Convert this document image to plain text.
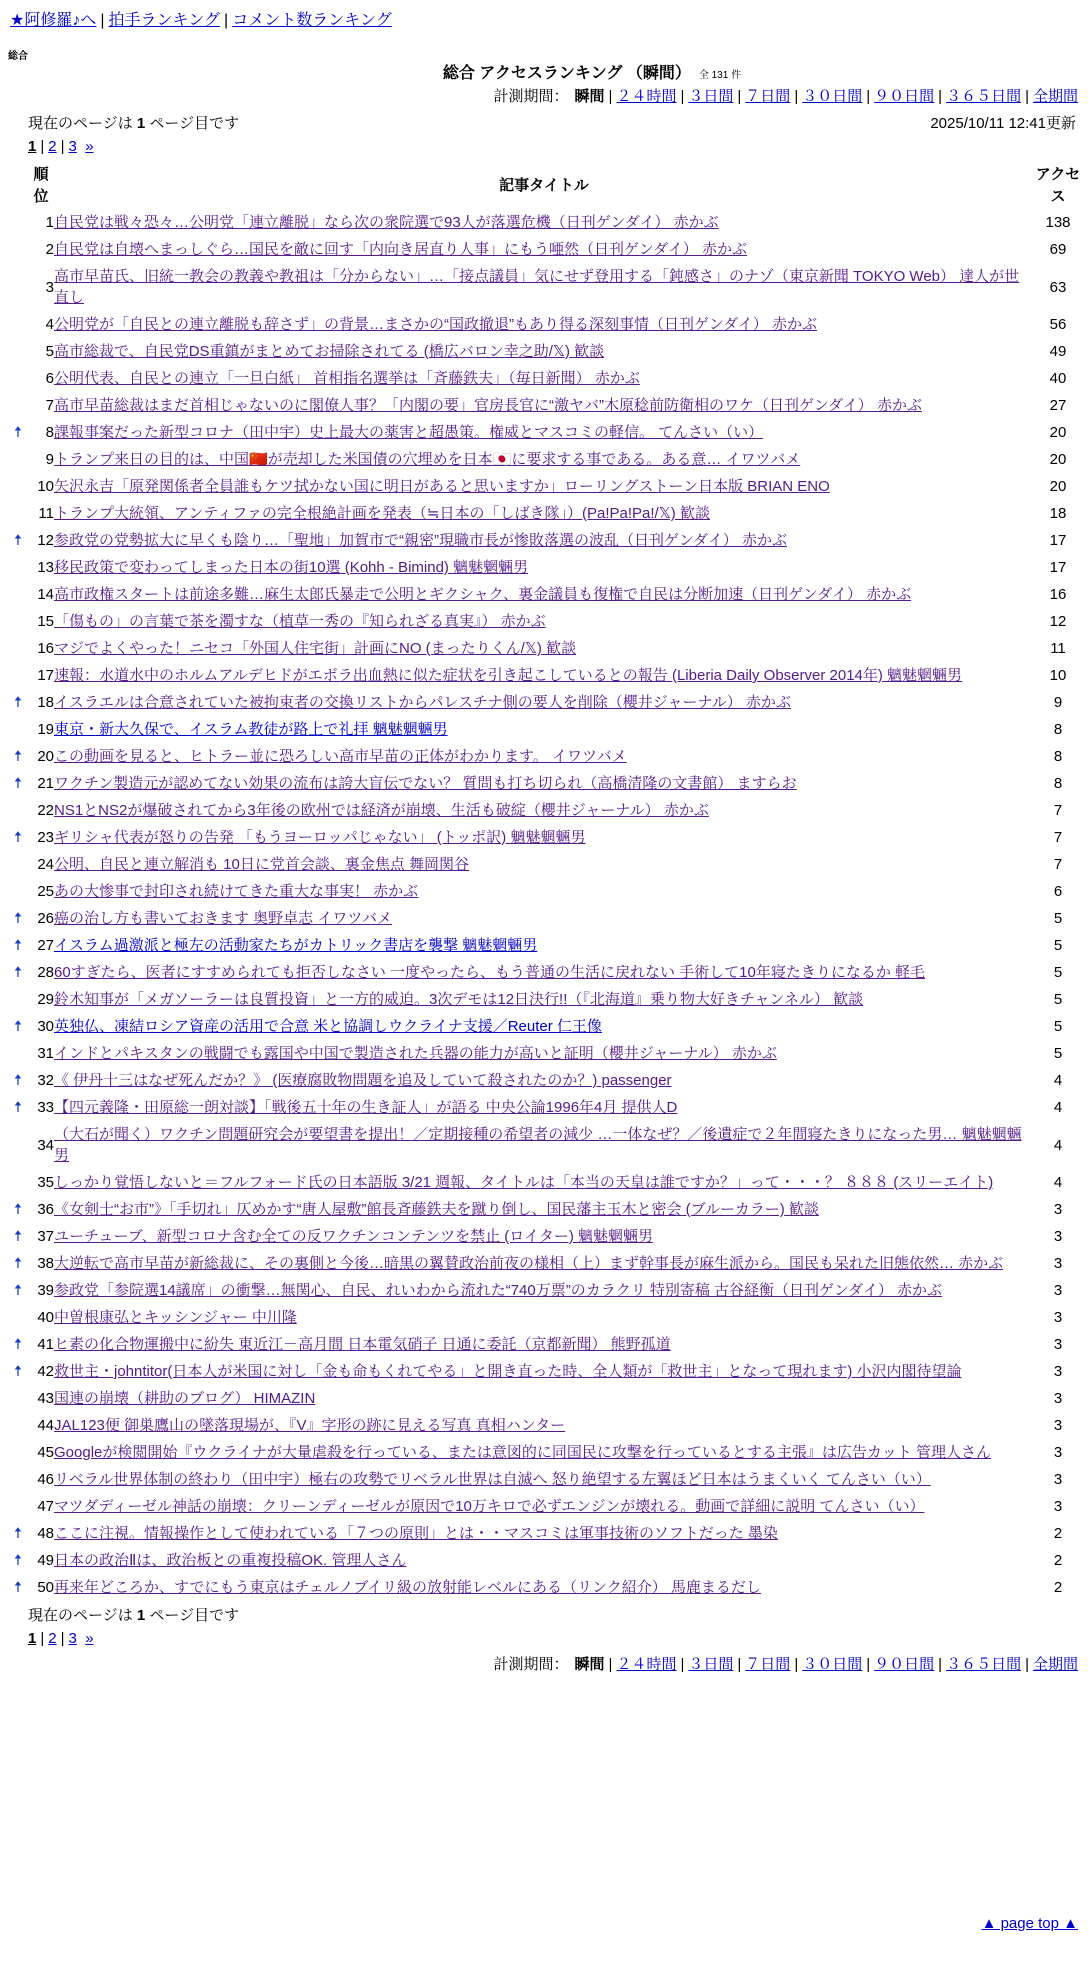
★阿修羅♪へ | 拍手ランキング | コメント数ランキング
総合
総合 アクセスランキング （瞬間） 全 131 件
計測期間： 瞬間 | ２４時間 | ３日間 | ７日間 | ３０日間 | ９０日間 | ３６５日間 | 全期間
現在のページは 1 ページ目です	2025/10/11 12:41更新
1 | 2 | 3 »
	順位	記事タイトル	アクセス
	1	自民党は戦々恐々…公明党「連立離脱」なら次の衆院選で93人が落選危機（日刊ゲンダイ） 赤かぶ	138
	2	自民党は自壊へまっしぐら…国民を敵に回す「内向き居直り人事」にもう唖然（日刊ゲンダイ） 赤かぶ	69
	3	高市早苗氏、旧統一教会の教義や教祖は「分からない」…「接点議員」気にせず登用する「鈍感さ」のナゾ（東京新聞 TOKYO Web） 達人が世直し	63
	4	公明党が「自民との連立離脱も辞さず」の背景…まさかの“国政撤退”もあり得る深刻事情（日刊ゲンダイ） 赤かぶ	56
	5	高市総裁で、自民党DS重鎮がまとめてお掃除されてる (橋広バロン幸之助/𝕏) 歓談	49
	6	公明代表、自民との連立「一旦白紙」 首相指名選挙は「斉藤鉄夫」（毎日新聞） 赤かぶ	40
	7	高市早苗総裁はまだ首相じゃないのに閣僚人事？「内閣の要」官房長官に“激ヤバ”木原稔前防衛相のワケ（日刊ゲンダイ） 赤かぶ	27
🠅	8	課報事案だった新型コロナ（田中宇）史上最大の薬害と超愚策。権威とマスコミの軽信。 てんさい（い）	20
	9	トランプ来日の目的は、中国🇨🇳が売却した米国債の穴埋めを日本🇯🇵に要求する事である。ある意… イワツバメ	20
	10	矢沢永吉「原発関係者全員誰もケツ拭かない国に明日があると思いますか」ローリングストーン日本版 BRIAN ENO	20
	11	トランプ大統領、アンティファの完全根絶計画を発表（≒日本の「しばき隊」）(Pa!Pa!Pa!/𝕏) 歓談	18
🠅	12	参政党の党勢拡大に早くも陰り…「聖地」加賀市で“親密”現職市長が惨敗落選の波乱（日刊ゲンダイ） 赤かぶ	17
	13	移民政策で変わってしまった日本の街10選 (Kohh - Bimind) 魑魅魍魎男	17
	14	高市政権スタートは前途多難…麻生太郎氏暴走で公明とギクシャク、裏金議員も復権で自民は分断加速（日刊ゲンダイ） 赤かぶ	16
	15	「傷もの」の言葉で茶を濁すな（植草一秀の『知られざる真実』） 赤かぶ	12
	16	マジでよくやった！ニセコ「外国人住宅街」計画にNO (まったりくん/𝕏) 歓談	11
	17	速報：水道水中のホルムアルデヒドがエボラ出血熱に似た症状を引き起こしているとの報告 (Liberia Daily Observer 2014年) 魑魅魍魎男	10
🠅	18	イスラエルは合意されていた被拘束者の交換リストからパレスチナ側の要人を削除（櫻井ジャーナル） 赤かぶ	9
	19	東京・新大久保で、イスラム教徒が路上で礼拝 魑魅魍魎男	8
🠅	20	この動画を見ると、ヒトラー並に恐ろしい高市早苗の正体がわかります。 イワツバメ	8
🠅	21	ワクチン製造元が認めてない効果の流布は誇大盲伝でない？ 質問も打ち切られ（高橋清隆の文書館） ますらお	8
	22	NS1とNS2が爆破されてから3年後の欧州では経済が崩壊、生活も破綻（櫻井ジャーナル） 赤かぶ	7
🠅	23	ギリシャ代表が怒りの告発 「もうヨーロッパじゃない」 (トッポ訳) 魑魅魍魎男	7
	24	公明、自民と連立解消も 10日に党首会談、裏金焦点 舞岡関谷	7
	25	あの大惨事で封印され続けてきた重大な事実！ 赤かぶ	6
🠅	26	癌の治し方も書いておきます 奥野卓志 イワツバメ	5
🠅	27	イスラム過激派と極左の活動家たちがカトリック書店を襲撃 魑魅魍魎男	5
🠅	28	60すぎたら、医者にすすめられても拒否しなさい 一度やったら、もう普通の生活に戻れない 手術して10年寝たきりになるか 軽毛	5
	29	鈴木知事が「メガソーラーは良質投資」と一方的威迫。3次デモは12日決行!!（『北海道』乗り物大好きチャンネル） 歓談	5
🠅	30	英独仏、凍結ロシア資産の活用で合意 米と協調しウクライナ支援／Reuter 仁王像	5
	31	インドとパキスタンの戦闘でも露国や中国で製造された兵器の能力が高いと証明（櫻井ジャーナル） 赤かぶ	5
🠅	32	《 伊丹十三はなぜ死んだか？》 (医療腐敗物問題を追及していて殺されたのか？) passenger	4
🠅	33	【四元義隆・田原総一朗対談】「戦後五十年の生き証人」が語る 中央公論1996年4月 提供人D	4
	34	（大石が聞く）ワクチン問題研究会が要望書を提出！／定期接種の希望者の減少 …一体なぜ？／後遺症で２年間寝たきりになった男… 魑魅魍魎男	4
	35	しっかり覚悟しないと＝フルフォード氏の日本語版 3/21 週報、タイトルは「本当の天皇は誰ですか？」って・・・？ ８８８ (スリーエイト)	4
🠅	36	《女剣士“お市”》「手切れ」仄めかす“唐人屋敷”館長斉藤鉄夫を蹴り倒し、国民藩主玉木と密会 (ブルーカラー) 歓談	3
🠅	37	ユーチューブ、新型コロナ含む全ての反ワクチンコンテンツを禁止 (ロイター) 魑魅魍魎男	3
🠅	38	大逆転で高市早苗が新総裁に、その裏側と今後…暗黒の翼賛政治前夜の様相（上）まず幹事長が麻生派から。国民も呆れた旧態依然… 赤かぶ	3
🠅	39	参政党「参院選14議席」の衝撃…無関心、自民、れいわから流れた“740万票”のカラクリ 特別寄稿 古谷経衡（日刊ゲンダイ） 赤かぶ	3
	40	中曽根康弘とキッシンジャー 中川隆	3
🠅	41	ヒ素の化合物運搬中に紛失 東近江－高月間 日本電気硝子 日通に委託（京都新聞） 熊野孤道	3
🠅	42	救世主・johntitor(日本人が米国に対し「金も命もくれてやる」と開き直った時、全人類が「救世主」となって現れます) 小沢内閣待望論	3
	43	国連の崩壊（耕助のブログ） HIMAZIN	3
	44	JAL123便 御巣鷹山の墜落現場が、『V』字形の跡に見える写真 真相ハンター	3
	45	Googleが検閲開始『ウクライナが大量虐殺を行っている、または意図的に同国民に攻撃を行っているとする主張』は広告カット 管理人さん	3
	46	リベラル世界体制の終わり（田中宇）極右の攻勢でリベラル世界は自滅へ 怒り絶望する左翼ほど日本はうまくいく てんさい（い）	3
	47	マツダディーゼル神話の崩壊：クリーンディーゼルが原因で10万キロで必ずエンジンが壊れる。動画で詳細に説明 てんさい（い）	3
🠅	48	ここに注視。情報操作として使われている「７つの原則」とは・・マスコミは軍事技術のソフトだった 墨染	2
🠅	49	日本の政治Ⅱは、政治板との重複投稿OK. 管理人さん	2
🠅	50	再来年どころか、すでにもう東京はチェルノブイリ級の放射能レベルにある（リンク紹介） 馬鹿まるだし	2
現在のページは 1 ページ目です
1 | 2 | 3 »
計測期間： 瞬間 | ２４時間 | ３日間 | ７日間 | ３０日間 | ９０日間 | ３６５日間 | 全期間
▲ page top ▲
